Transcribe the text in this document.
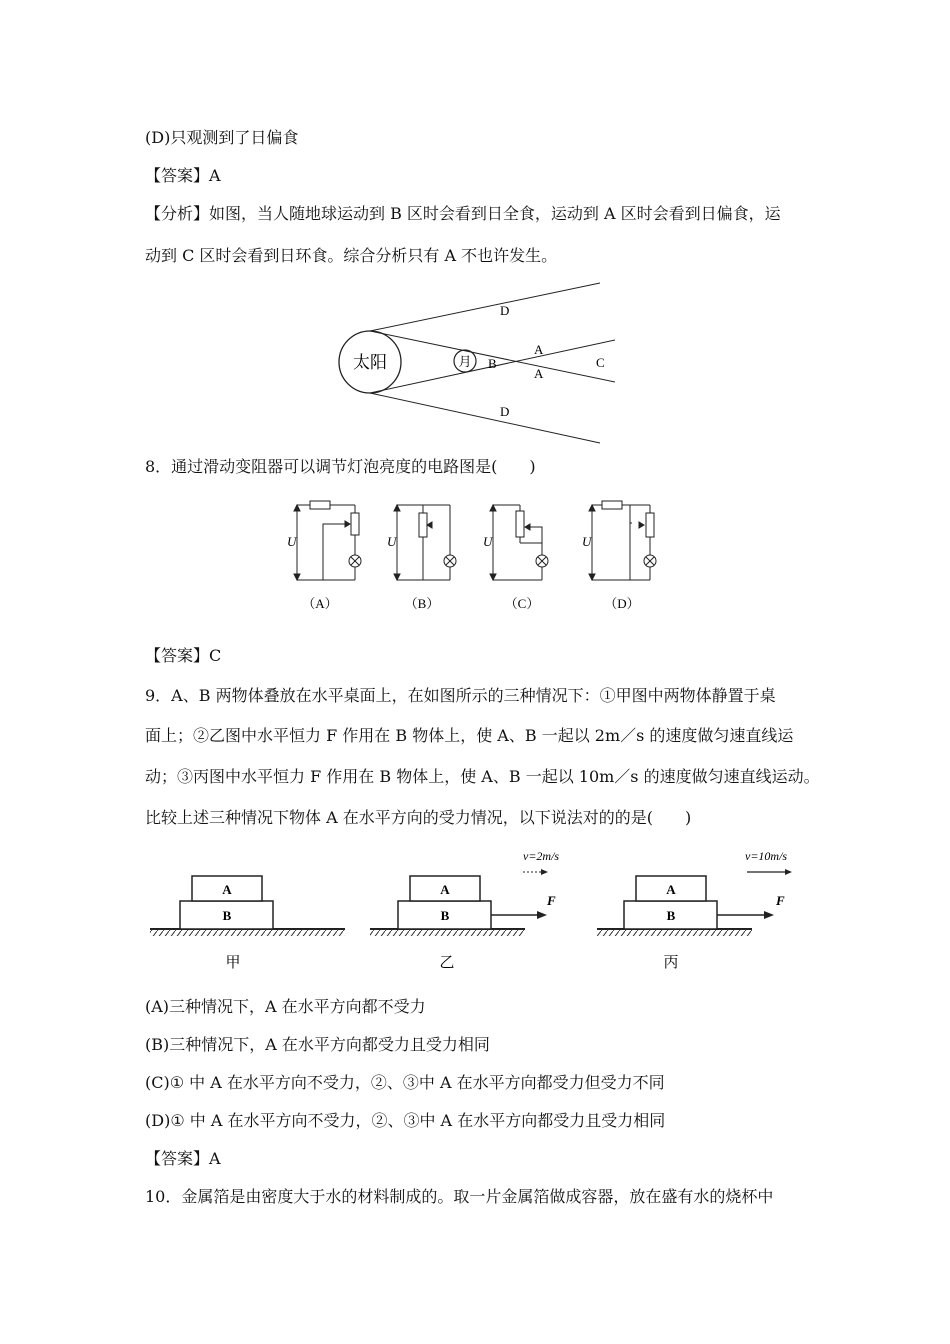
(D)只观测到了日偏食
【答案】A
【分析】如图，当人随地球运动到 B 区时会看到日全食，运动到 A 区时会看到日偏食，运
动到 C 区时会看到日环食。综合分析只有 A 不也许发生。
太阳	月 B
A
A
C
D
D
8．通过滑动变阻器可以调节灯泡亮度的电路图是(　　)
U
（A）
U
（B）
U
（C）
U
（D）
【答案】C
9．A、B 两物体叠放在水平桌面上，在如图所示的三种情况下：①甲图中两物体静置于桌
面上；②乙图中水平恒力 F 作用在 B 物体上，使 A、B 一起以 2m／s 的速度做匀速直线运
动；③丙图中水平恒力 F 作用在 B 物体上，使 A、B 一起以 10m／s 的速度做匀速直线运动。
比较上述三种情况下物体 A 在水平方向的受力情况，以下说法对的的是(　　)
A
B
甲
A
B
F
v=2m/s
乙
A
B
F
v=10m/s
丙
(A)三种情况下，A 在水平方向都不受力
(B)三种情况下，A 在水平方向都受力且受力相同
(C)① 中 A 在水平方向不受力，②、③中 A 在水平方向都受力但受力不同
(D)① 中 A 在水平方向不受力，②、③中 A 在水平方向都受力且受力相同
【答案】A
10．金属箔是由密度大于水的材料制成的。取一片金属箔做成容器，放在盛有水的烧杯中
